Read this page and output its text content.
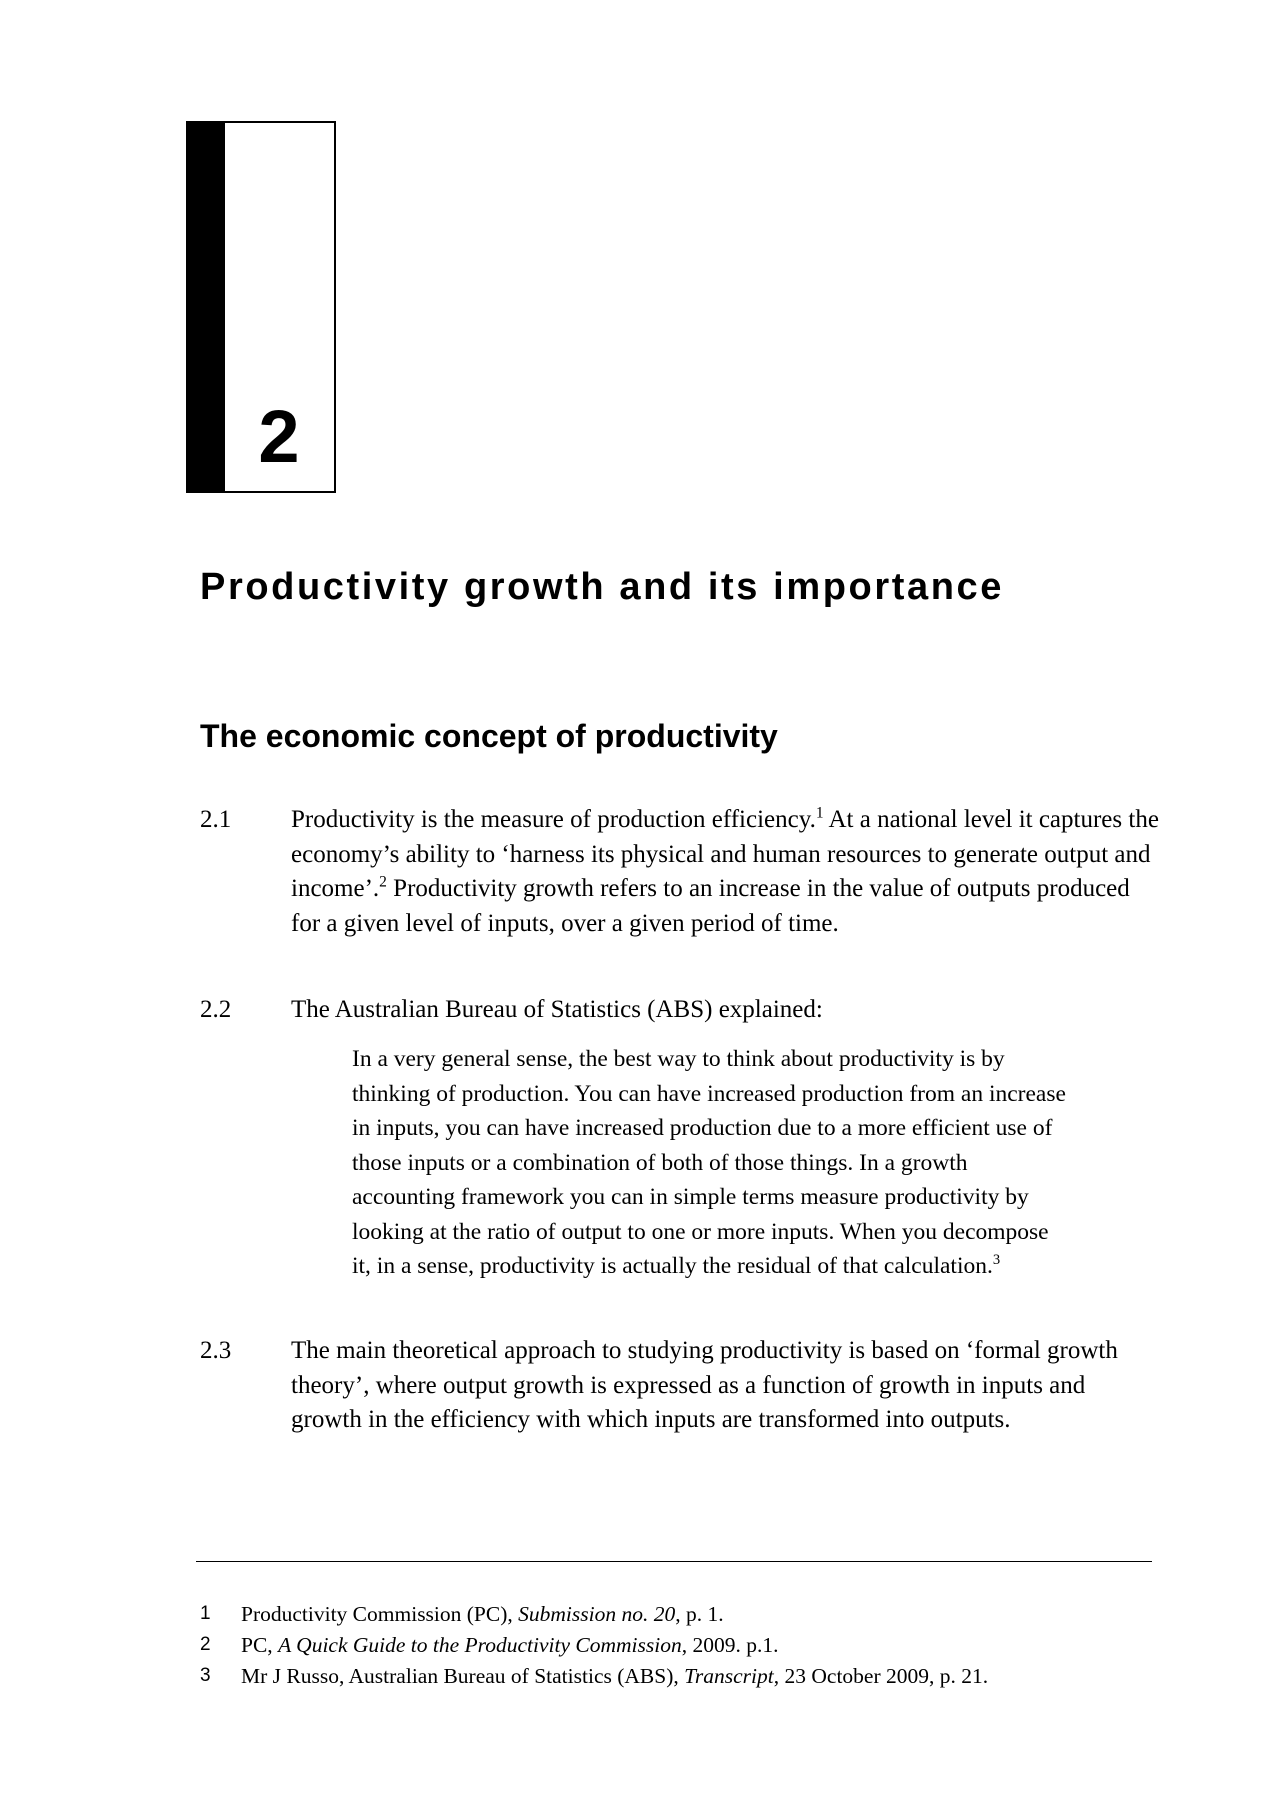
2
Productivity growth and its importance
The economic concept of productivity
2.1	Productivity is the measure of production efficiency.$^1$ At a national level it captures the economy’s ability to ‘harness its physical and human resources to generate output and income’.$^2$ Productivity growth refers to an increase in the value of outputs produced for a given level of inputs, over a given period of time.
2.2	The Australian Bureau of Statistics (ABS) explained:
In a very general sense, the best way to think about productivity is by thinking of production. You can have increased production from an increase in inputs, you can have increased production due to a more efficient use of those inputs or a combination of both of those things. In a growth accounting framework you can in simple terms measure productivity by looking at the ratio of output to one or more inputs. When you decompose it, in a sense, productivity is actually the residual of that calculation.$^3$
2.3	The main theoretical approach to studying productivity is based on ‘formal growth theory’, where output growth is expressed as a function of growth in inputs and growth in the efficiency with which inputs are transformed into outputs.
1 Productivity Commission (PC), Submission no. 20, p. 1.
2 PC, A Quick Guide to the Productivity Commission, 2009. p.1.
3 Mr J Russo, Australian Bureau of Statistics (ABS), Transcript, 23 October 2009, p. 21.
